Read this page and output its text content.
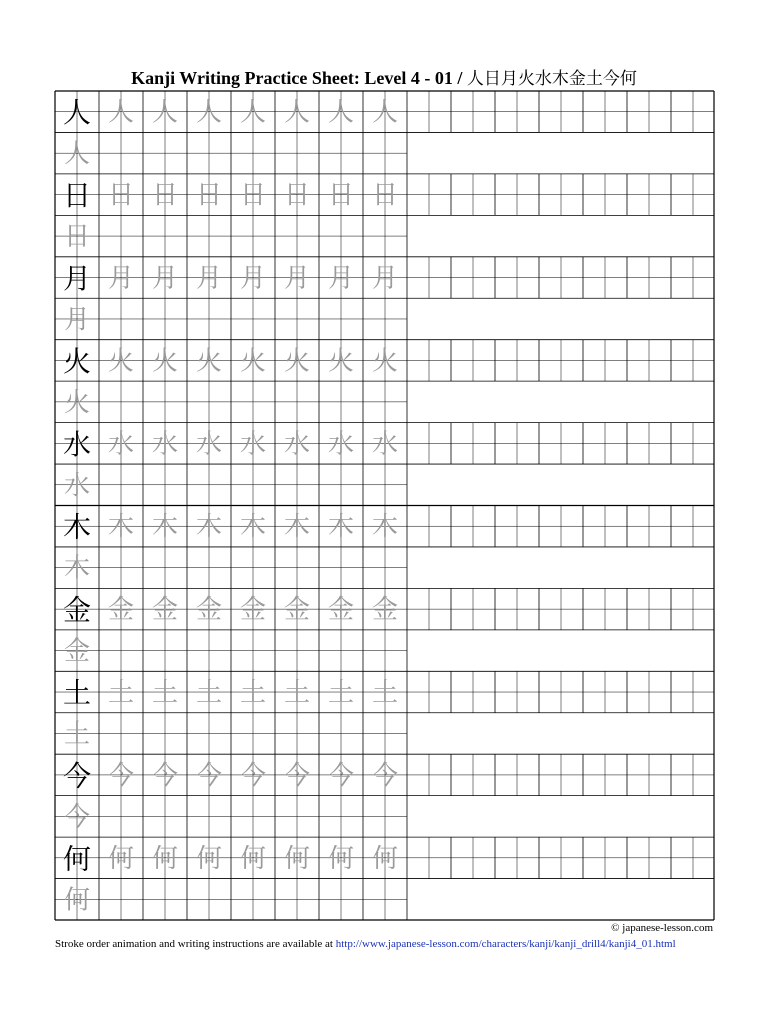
Kanji Writing Practice Sheet: Level 4 - 01 / 人日月火水木金土今何
人 人 人 人 人 人 人 人
人
日 日 日 日 日 日 日 日
日
月 月 月 月 月 月 月 月
月
火 火 火 火 火 火 火 火
火
水 水 水 水 水 水 水 水
水
木 木 木 木 木 木 木 木
木
金 金 金 金 金 金 金 金
金
土 土 土 土 土 土 土 土
土
今 今 今 今 今 今 今 今
今
何 何 何 何 何 何 何 何
何
© japanese-lesson.com
Stroke order animation and writing instructions are available at http://www.japanese-lesson.com/characters/kanji/kanji_drill4/kanji4_01.html
